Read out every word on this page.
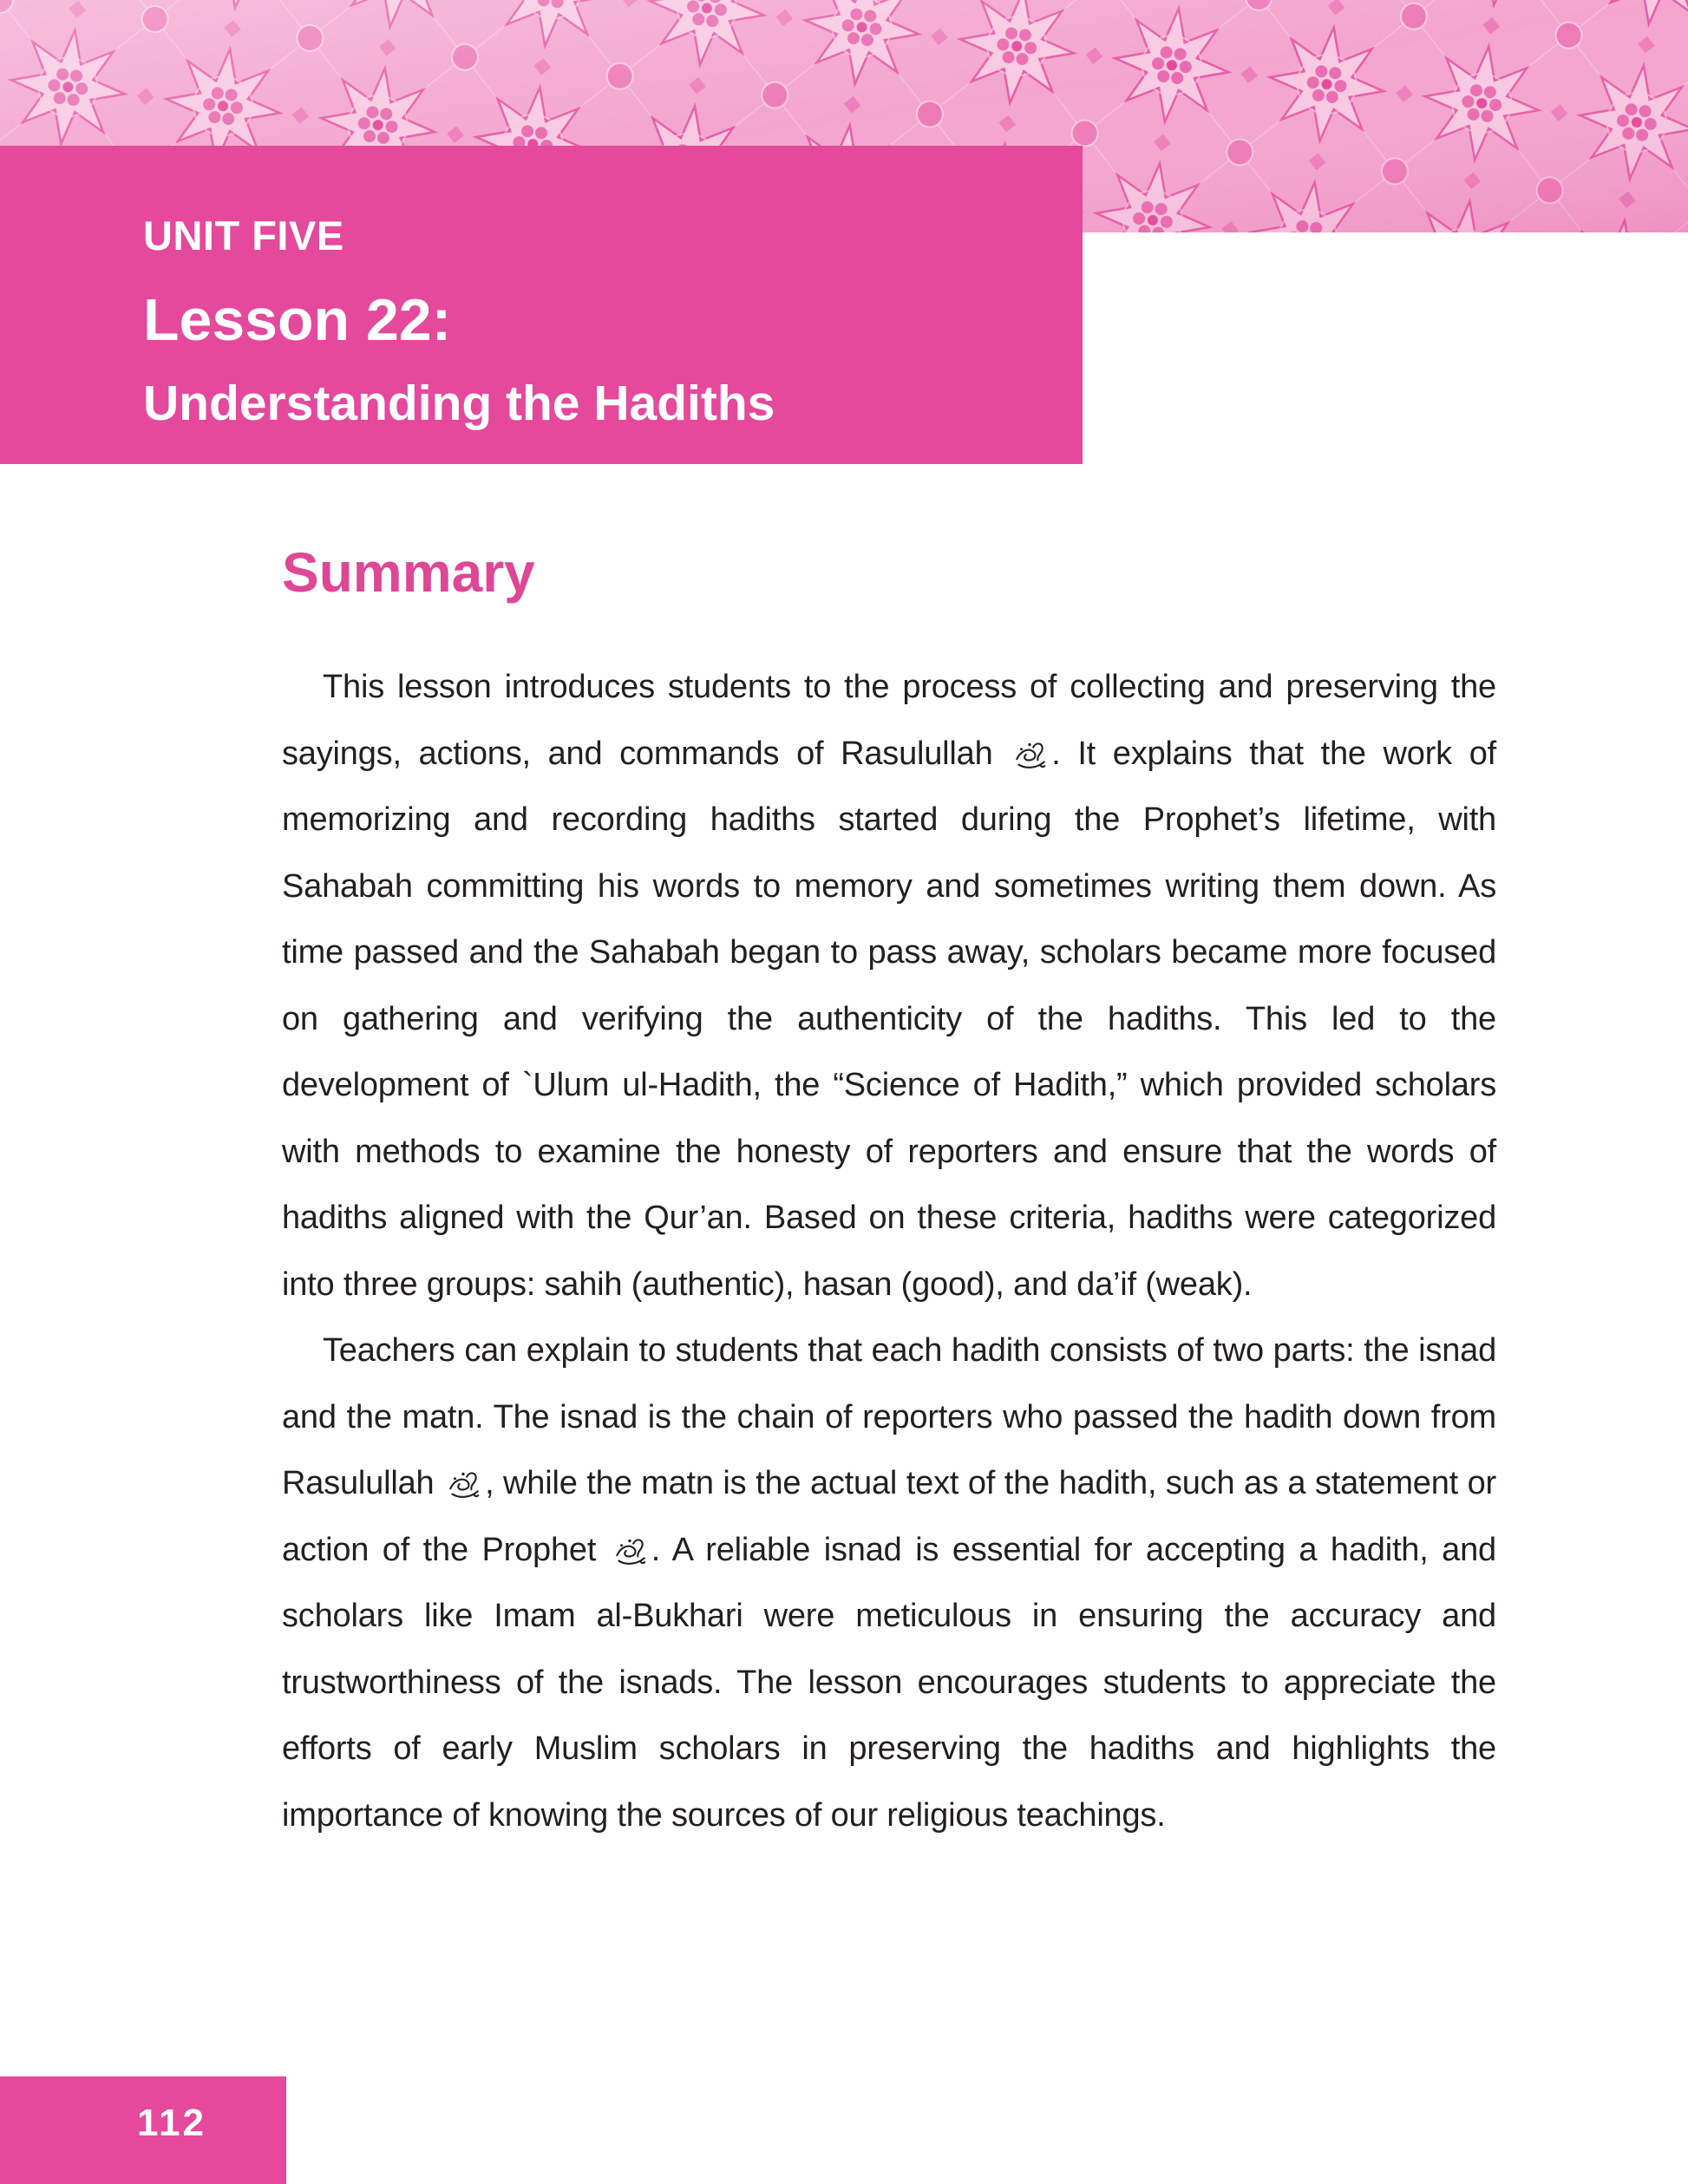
UNIT FIVE
Lesson 22:
Understanding the Hadiths
Summary

This lesson introduces students to the process of collecting and preserving the sayings, actions, and commands of Rasulullah . It explains that the work of memorizing and recording hadiths started during the Prophet’s lifetime, with Sahabah committing his words to memory and sometimes writing them down. As time passed and the Sahabah began to pass away, scholars became more focused on gathering and verifying the authenticity of the hadiths. This led to the development of `Ulum ul-Hadith, the “Science of Hadith,” which provided scholars with methods to examine the honesty of reporters and ensure that the words of hadiths aligned with the Qur’an. Based on these criteria, hadiths were categorized into three groups: sahih (authentic), hasan (good), and da’if (weak).

Teachers can explain to students that each hadith consists of two parts: the isnad and the matn. The isnad is the chain of reporters who passed the hadith down from Rasulullah , while the matn is the actual text of the hadith, such as a statement or action of the Prophet . A reliable isnad is essential for accepting a hadith, and scholars like Imam al-Bukhari were meticulous in ensuring the accuracy and trustworthiness of the isnads. The lesson encourages students to appreciate the efforts of early Muslim scholars in preserving the hadiths and highlights the importance of knowing the sources of our religious teachings.

112
